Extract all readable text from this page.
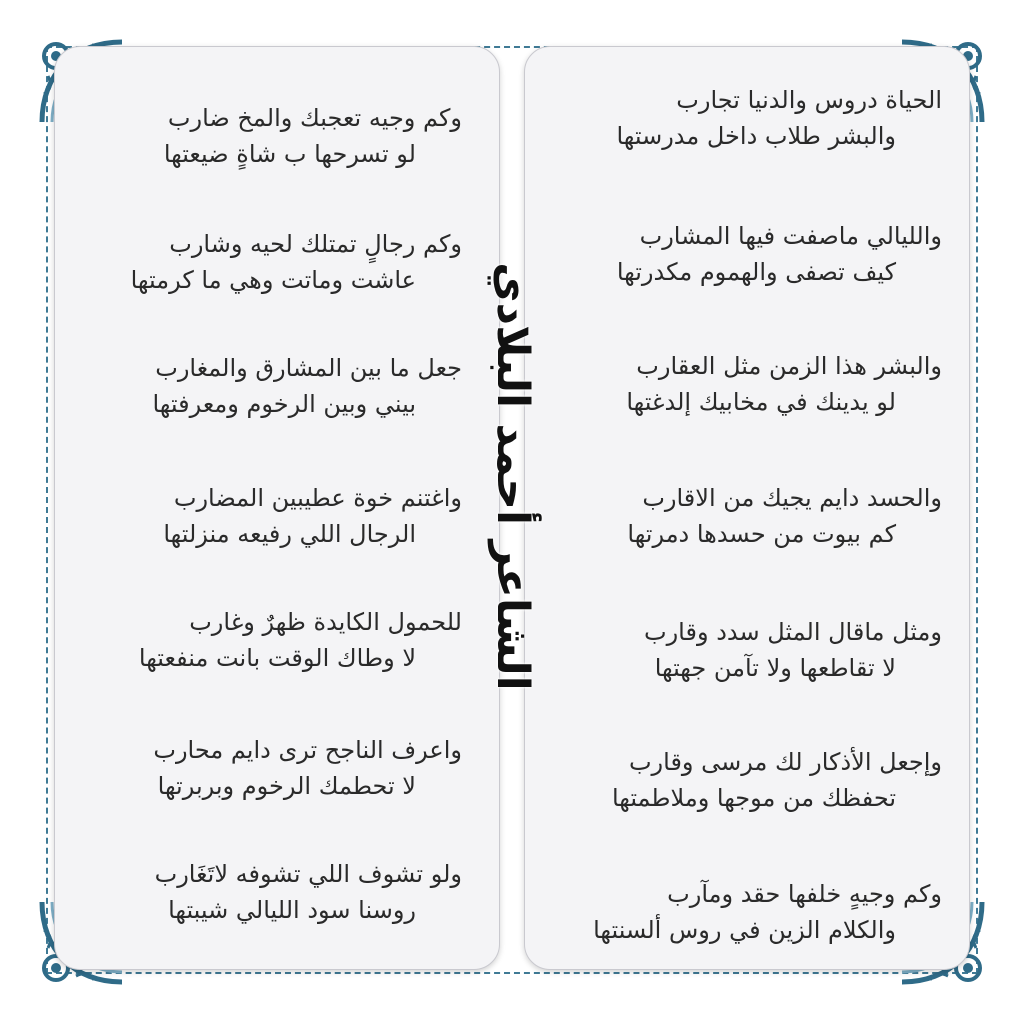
الحياة دروس والدنيا تجارب
والبشر طلاب داخل مدرستها
والليالي ماصفت فيها المشارب
كيف تصفى والهموم مكدرتها
والبشر هذا الزمن مثل العقارب
لو يدينك في مخابيك إلدغتها
والحسد دايم يجيك من الاقارب
كم بيوت من حسدها دمرتها
ومثل ماقال المثل سدد وقارب
لا تقاطعها ولا تآمن جهتها
وإجعل الأذكار لك مرسى وقارب
تحفظك من موجها وملاطمتها
وكم وجيهٍ خلفها حقد ومآرب
والكلام الزين في روس ألسنتها
وكم وجيه تعجبك والمخ ضارب
لو تسرحها ب شاةٍ ضيعتها
وكم رجالٍ تمتلك لحيه وشارب
عاشت وماتت وهي ما كرمتها
جعل ما بين المشارق والمغارب
بيني وبين الرخوم ومعرفتها
واغتنم خوة عطيبين المضارب
الرجال اللي رفيعه منزلتها
للحمول الكايدة ظهرٌ وغارب
لا وطاك الوقت بانت منفعتها
واعرف الناجح ترى دايم محارب
لا تحطمك الرخوم وبربرتها
ولو تشوف اللي تشوفه لاتَغَارب
روسنا سود الليالي شيبتها
الشاعر أحمد البلادي
